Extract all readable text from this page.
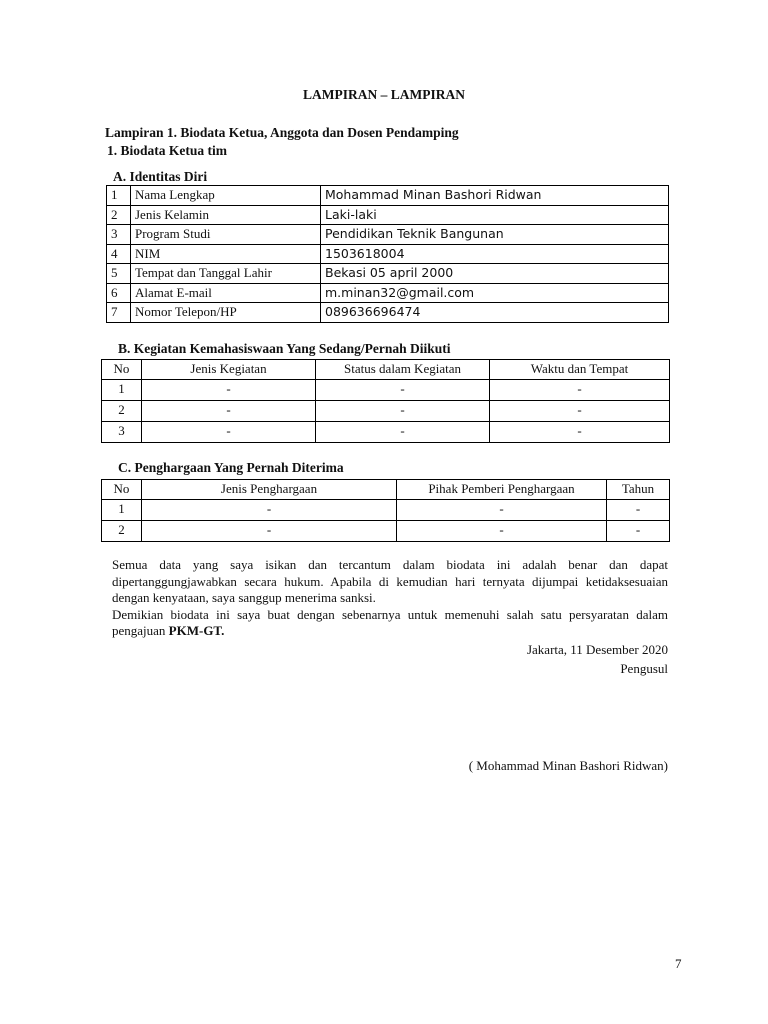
LAMPIRAN – LAMPIRAN
Lampiran 1. Biodata Ketua, Anggota dan Dosen Pendamping
1. Biodata Ketua tim
A. Identitas Diri
1	Nama Lengkap	Mohammad Minan Bashori Ridwan
2	Jenis Kelamin	Laki-laki
3	Program Studi	Pendidikan Teknik Bangunan
4	NIM	1503618004
5	Tempat dan Tanggal Lahir	Bekasi 05 april 2000
6	Alamat E-mail	m.minan32@gmail.com
7	Nomor Telepon/HP	089636696474
B. Kegiatan Kemahasiswaan Yang Sedang/Pernah Diikuti
No	Jenis Kegiatan	Status dalam Kegiatan	Waktu dan Tempat
1	-	-	-
2	-	-	-
3	-	-	-
C. Penghargaan Yang Pernah Diterima
No	Jenis Penghargaan	Pihak Pemberi Penghargaan	Tahun
1	-	-	-
2	-	-	-

Semua data yang saya isikan dan tercantum dalam biodata ini adalah benar dan dapat dipertanggungjawabkan secara hukum. Apabila di kemudian hari ternyata dijumpai ketidaksesuaian dengan kenyataan, saya sanggup menerima sanksi.

Demikian biodata ini saya buat dengan sebenarnya untuk memenuhi salah satu persyaratan dalam pengajuan PKM-GT.

Jakarta, 11 Desember 2020
Pengusul
( Mohammad Minan Bashori Ridwan)
7
